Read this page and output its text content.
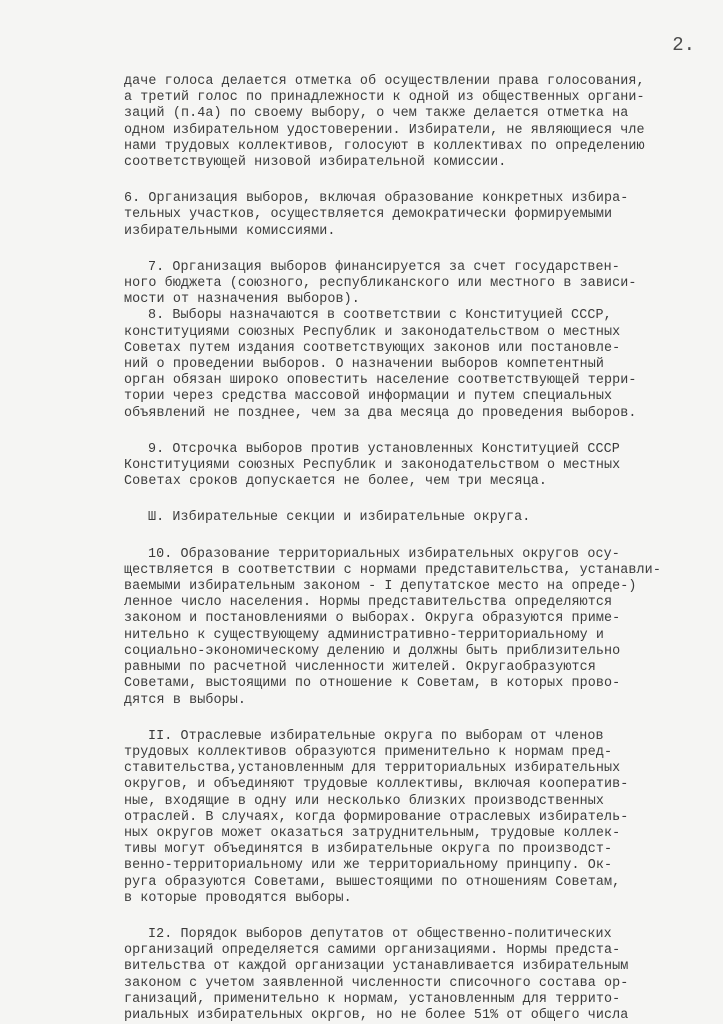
2.

даче голоса делается отметка об осуществлении права голосования,
а третий голос по принадлежности к одной из общественных органи-
заций (п.4а) по своему выбору, о чем также делается отметка на
одном избирательном удостоверении. Избиратели, не являющиеся чле
нами трудовых коллективов, голосуют в коллективах по определению
соответствующей низовой избирательной комиссии.

6. Организация выборов, включая образование конкретных избира-
тельных участков, осуществляется демократически формируемыми
избирательными комиссиями.

7. Организация выборов финансируется за счет государствен-
ного бюджета (союзного, республиканского или местного в зависи-
мости от назначения выборов).

8. Выборы назначаются в соответствии с Конституцией СССР,
конституциями союзных Республик и законодательством о местных
Советах путем издания соответствующих законов или постановле-
ний о проведении выборов. О назначении выборов компетентный
орган обязан широко оповестить население соответствующей терри-
тории через средства массовой информации и путем специальных
объявлений не позднее, чем за два месяца до проведения выборов.

9. Отсрочка выборов против установленных Конституцией СССР
Конституциями союзных Республик и законодательством о местных
Советах сроков допускается не более, чем три месяца.

Ш. Избирательные секции и избирательные округа.

10. Образование территориальных избирательных округов осу-
ществляется в соответствии с нормами представительства, устанавли-
ваемыми избирательным законом - I депутатское место на опреде-)
ленное число населения. Нормы представительства определяются
законом и постановлениями о выборах. Округа образуются приме-
нительно к существующему административно-территориальному и
социально-экономическому делению и должны быть приблизительно
равными по расчетной численности жителей. Округаобразуются
Советами, выстоящими по отношение к Советам, в которых прово-
дятся в выборы.

II. Отраслевые избирательные округа по выборам от членов
трудовых коллективов образуются применительно к нормам пред-
ставительства,установленным для территориальных избирательных
округов, и объединяют трудовые коллективы, включая кооператив-
ные, входящие в одну или несколько близких производственных
отраслей. В случаях, когда формирование отраслевых избиратель-
ных округов может оказаться затруднительным, трудовые коллек-
тивы могут объединятся в избирательные округа по производст-
венно-территориальному или же территориальному принципу. Ок-
руга образуются Советами, вышестоящими по отношениям Советам,
в которые проводятся выборы.

I2. Порядок выборов депутатов от общественно-политических
организаций определяется самими организациями. Нормы предста-
вительства от каждой организации устанавливается избирательным
законом с учетом заявленной численности списочного состава ор-
ганизаций, применительно к нормам, установленным для террито-
риальных избирательных окргов, но не более 51% от общего числа
